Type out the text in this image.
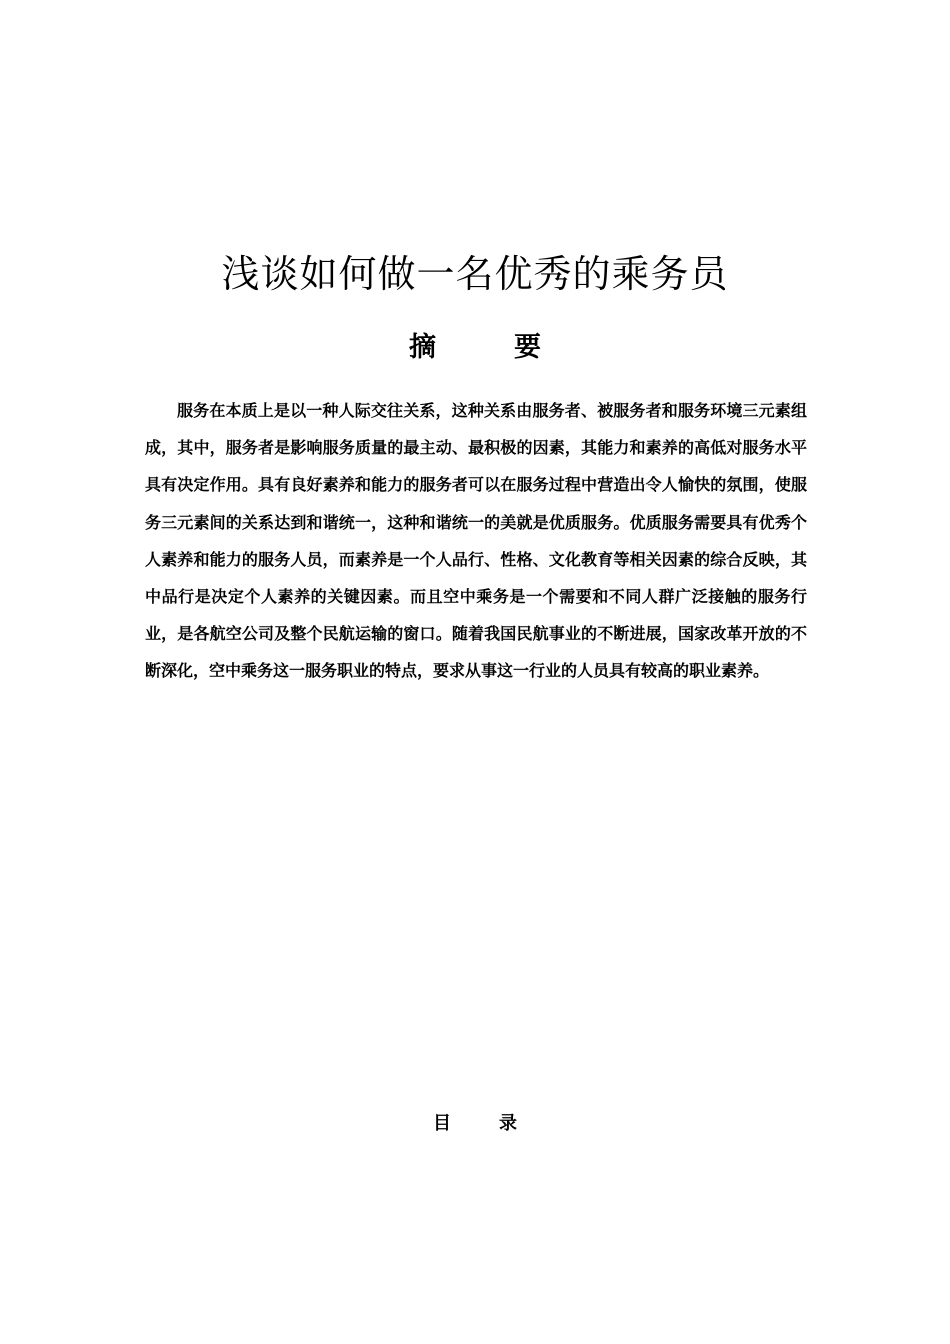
浅谈如何做一名优秀的乘务员
摘	要

服务在本质上是以一种人际交往关系，这种关系由服务者、被服务者和服务环境三元素组成，其中，服务者是影响服务质量的最主动、最积极的因素，其能力和素养的高低对服务水平具有决定作用。具有良好素养和能力的服务者可以在服务过程中营造出令人愉快的氛围，使服务三元素间的关系达到和谐统一，这种和谐统一的美就是优质服务。优质服务需要具有优秀个人素养和能力的服务人员，而素养是一个人品行、性格、文化教育等相关因素的综合反映，其中品行是决定个人素养的关键因素。而且空中乘务是一个需要和不同人群广泛接触的服务行业，是各航空公司及整个民航运输的窗口。随着我国民航事业的不断进展，国家改革开放的不断深化，空中乘务这一服务职业的特点，要求从事这一行业的人员具有较高的职业素养。

目	录
